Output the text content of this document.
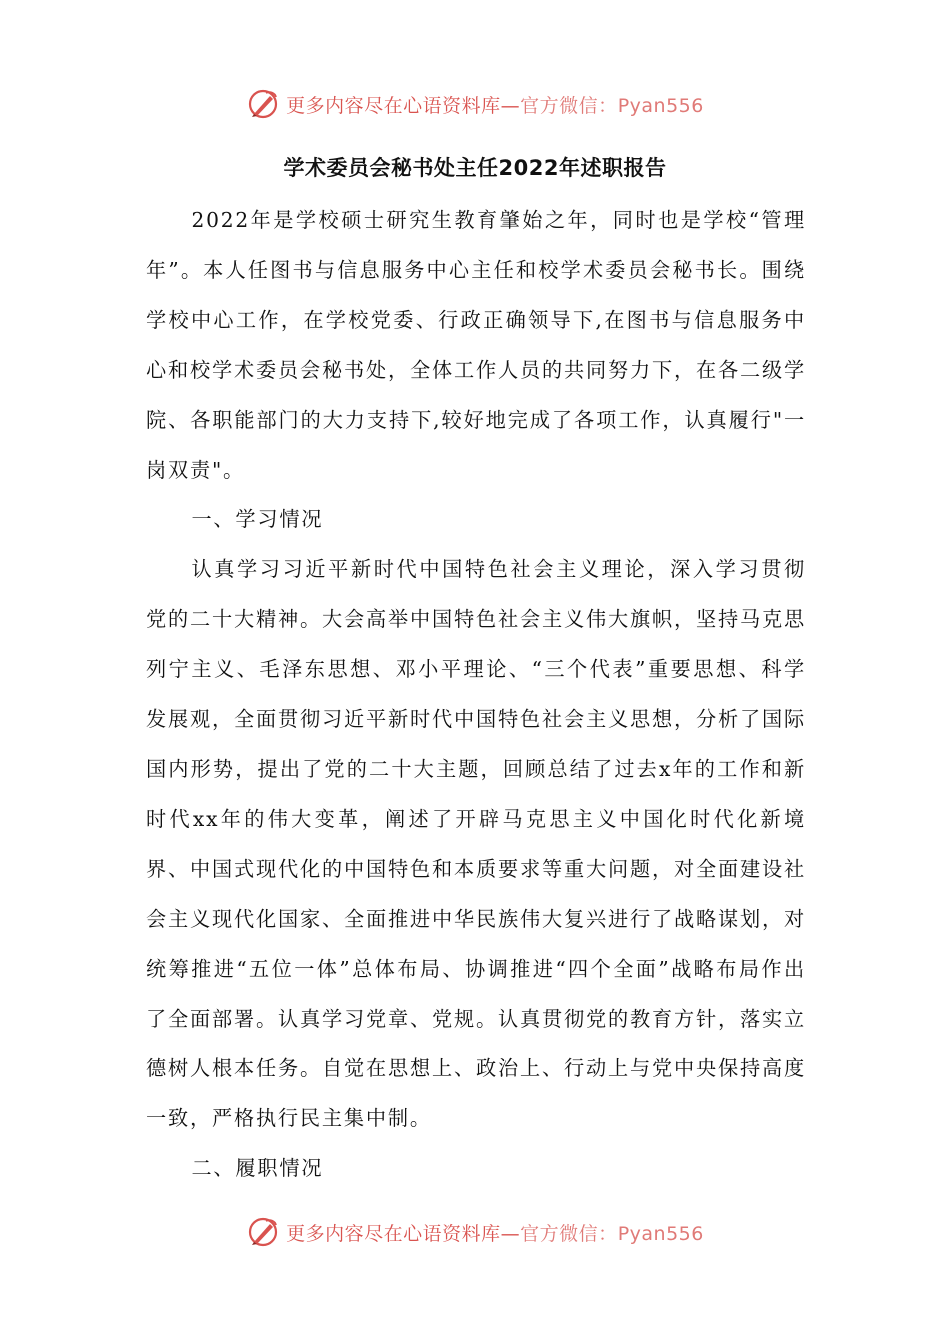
更多内容尽在心语资料库—官方微信：Pyan556
学术委员会秘书处主任2022年述职报告

2022年是学校硕士研究生教育肇始之年，同时也是学校“管理年”。本人任图书与信息服务中心主任和校学术委员会秘书长。围绕学校中心工作，在学校党委、行政正确领导下,在图书与信息服务中心和校学术委员会秘书处，全体工作人员的共同努力下，在各二级学院、各职能部门的大力支持下,较好地完成了各项工作，认真履行"一岗双责"。

一、学习情况

认真学习习近平新时代中国特色社会主义理论，深入学习贯彻党的二十大精神。大会高举中国特色社会主义伟大旗帜，坚持马克思列宁主义、毛泽东思想、邓小平理论、“三个代表”重要思想、科学发展观，全面贯彻习近平新时代中国特色社会主义思想，分析了国际国内形势，提出了党的二十大主题，回顾总结了过去x年的工作和新时代xx年的伟大变革，阐述了开辟马克思主义中国化时代化新境界、中国式现代化的中国特色和本质要求等重大问题，对全面建设社会主义现代化国家、全面推进中华民族伟大复兴进行了战略谋划，对统筹推进“五位一体”总体布局、协调推进“四个全面”战略布局作出了全面部署。认真学习党章、党规。认真贯彻党的教育方针，落实立德树人根本任务。自觉在思想上、政治上、行动上与党中央保持高度一致，严格执行民主集中制。

二、履职情况

更多内容尽在心语资料库—官方微信：Pyan556
